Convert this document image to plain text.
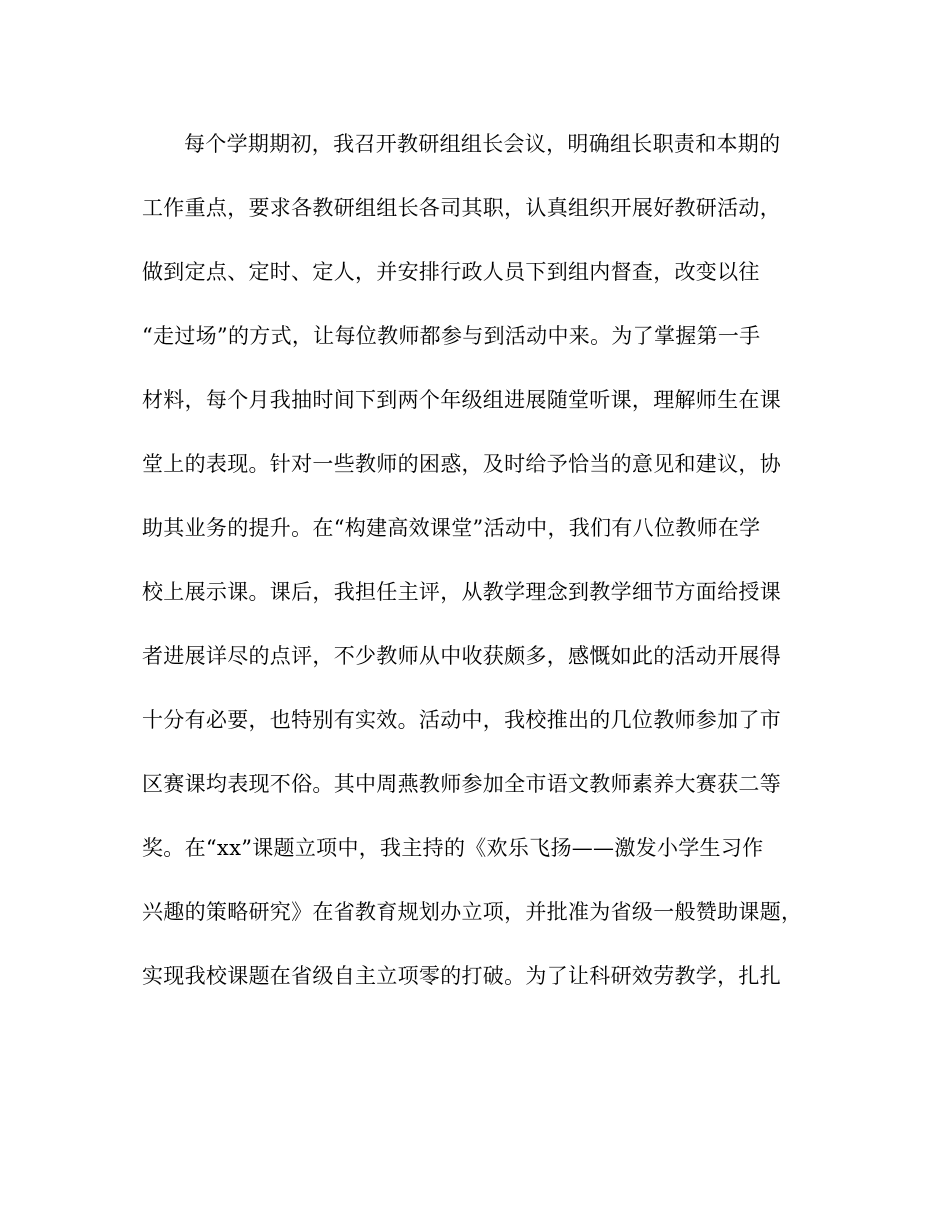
每个学期期初，我召开教研组组长会议，明确组长职责和本期的
工作重点，要求各教研组组长各司其职，认真组织开展好教研活动，
做到定点、定时、定人，并安排行政人员下到组内督查，改变以往
“走过场”的方式，让每位教师都参与到活动中来。为了掌握第一手
材料，每个月我抽时间下到两个年级组进展随堂听课，理解师生在课
堂上的表现。针对一些教师的困惑，及时给予恰当的意见和建议，协
助其业务的提升。在“构建高效课堂”活动中，我们有八位教师在学
校上展示课。课后，我担任主评，从教学理念到教学细节方面给授课
者进展详尽的点评，不少教师从中收获颇多，感慨如此的活动开展得
十分有必要，也特别有实效。活动中，我校推出的几位教师参加了市
区赛课均表现不俗。其中周燕教师参加全市语文教师素养大赛获二等
奖。在“xx”课题立项中，我主持的《欢乐飞扬——激发小学生习作
兴趣的策略研究》在省教育规划办立项，并批准为省级一般赞助课题，
实现我校课题在省级自主立项零的打破。为了让科研效劳教学，扎扎
